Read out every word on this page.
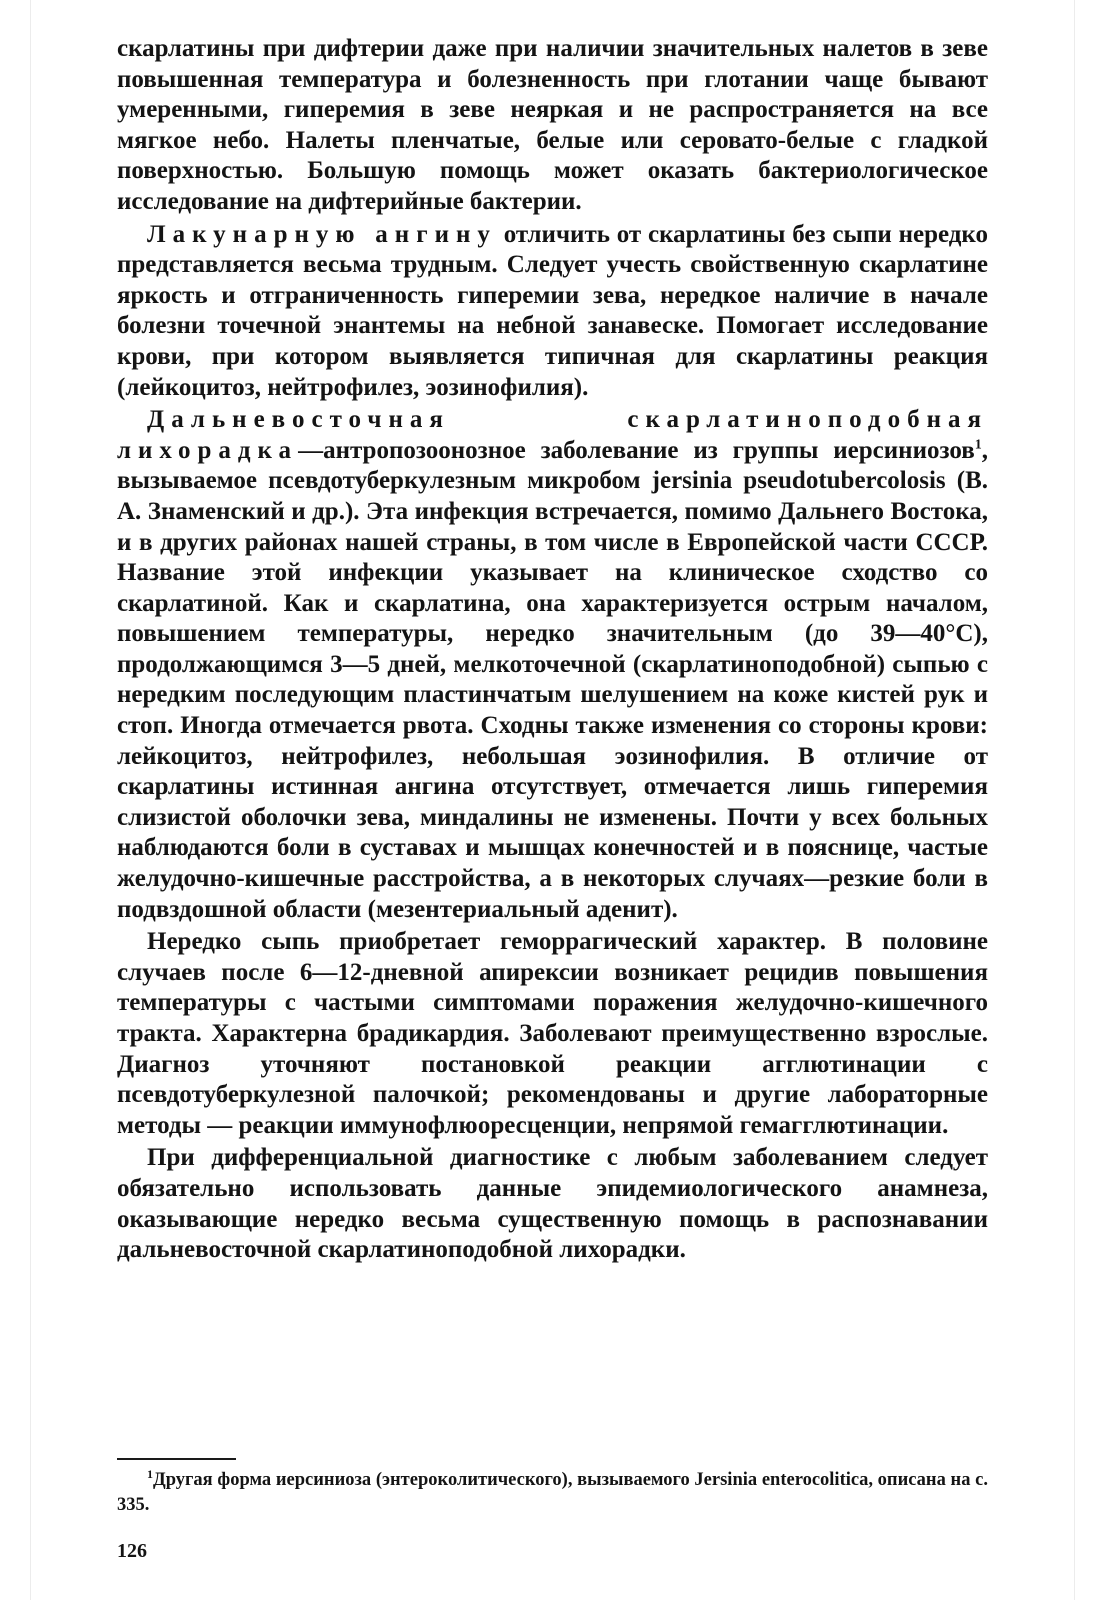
скарлатины при дифтерии даже при наличии значительных налетов в зеве повышенная температура и болезненность при глотании чаще бывают умеренными, гиперемия в зеве неяркая и не распространяется на все мягкое небо. Налеты пленчатые, белые или серовато-белые с гладкой поверхностью. Большую помощь может оказать бактериологическое исследование на дифтерийные бактерии.

Лакунарную ангину отличить от скарлатины без сыпи нередко представляется весьма трудным. Следует учесть свойственную скарлатине яркость и отграниченность гиперемии зева, нередкое наличие в начале болезни точечной энантемы на небной занавеске. Помогает исследование крови, при котором выявляется типичная для скарлатины реакция (лейкоцитоз, нейтрофилез, эозинофилия).

Дальневосточная скарлатиноподобная лихорадка—антропозоонозное заболевание из группы иерсиниозов$^1$, вызываемое псевдотуберкулезным микробом jersinia pseudotubercolosis (В. А. Знаменский и др.). Эта инфекция встречается, помимо Дальнего Востока, и в других районах нашей страны, в том числе в Европейской части СССР. Название этой инфекции указывает на клиническое сходство со скарлатиной. Как и скарлатина, она характеризуется острым началом, повышением температуры, нередко значительным (до 39—40°C), продолжающимся 3—5 дней, мелкоточечной (скарлатиноподобной) сыпью с нередким последующим пластинчатым шелушением на коже кистей рук и стоп. Иногда отмечается рвота. Сходны также изменения со стороны крови: лейкоцитоз, нейтрофилез, небольшая эозинофилия. В отличие от скарлатины истинная ангина отсутствует, отмечается лишь гиперемия слизистой оболочки зева, миндалины не изменены. Почти у всех больных наблюдаются боли в суставах и мышцах конечностей и в пояснице, частые желудочно-кишечные расстройства, а в некоторых случаях—резкие боли в подвздошной области (мезентериальный аденит).

Нередко сыпь приобретает геморрагический характер. В половине случаев после 6—12-дневной апирексии возникает рецидив повышения температуры с частыми симптомами поражения желудочно-кишечного тракта. Характерна брадикардия. Заболевают преимущественно взрослые. Диагноз уточняют постановкой реакции агглютинации с псевдотуберкулезной палочкой; рекомендованы и другие лабораторные методы — реакции иммунофлюоресценции, непрямой гемагглютинации.

При дифференциальной диагностике с любым заболеванием следует обязательно использовать данные эпидемиологического анамнеза, оказывающие нередко весьма существенную помощь в распознавании дальневосточной скарлатиноподобной лихорадки.

$^1$Другая форма иерсиниоза (энтероколитического), вызываемого Jersinia enterocolitica, описана на с. 335.

126
